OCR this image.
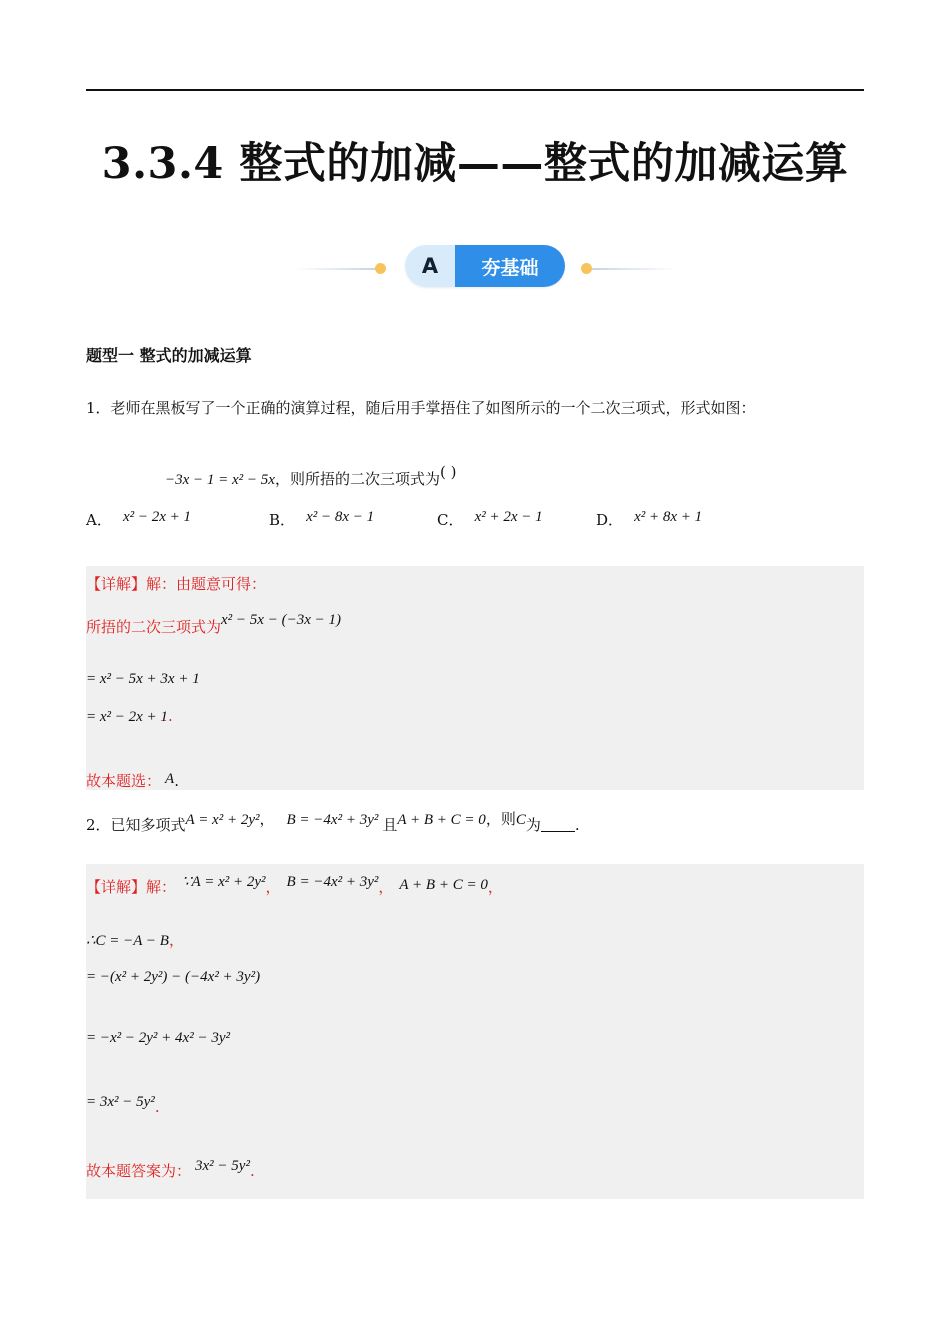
3.3.4 整式的加减——整式的加减运算
A	夯基础
题型一 整式的加减运算
1．老师在黑板写了一个正确的演算过程，随后用手掌捂住了如图所示的一个二次三项式，形式如图：
−3x − 1 = x² − 5x，则所捂的二次三项式为( )
A． x² − 2x + 1	B． x² − 8x − 1	C． x² + 2x − 1	D． x² + 8x + 1
【详解】解：由题意可得：
所捂的二次三项式为x² − 5x − (−3x − 1)
= x² − 5x + 3x + 1
= x² − 2x + 1.
故本题选： A.
2．已知多项式A = x² + 2y²， B = −4x² + 3y² 且A + B + C = 0，则C为 .
【详解】解： ∵A = x² + 2y²， B = −4x² + 3y²， A + B + C = 0，
∴C = −A − B，
= −(x² + 2y²) − (−4x² + 3y²)
= −x² − 2y² + 4x² − 3y²
= 3x² − 5y².
故本题答案为： 3x² − 5y².
